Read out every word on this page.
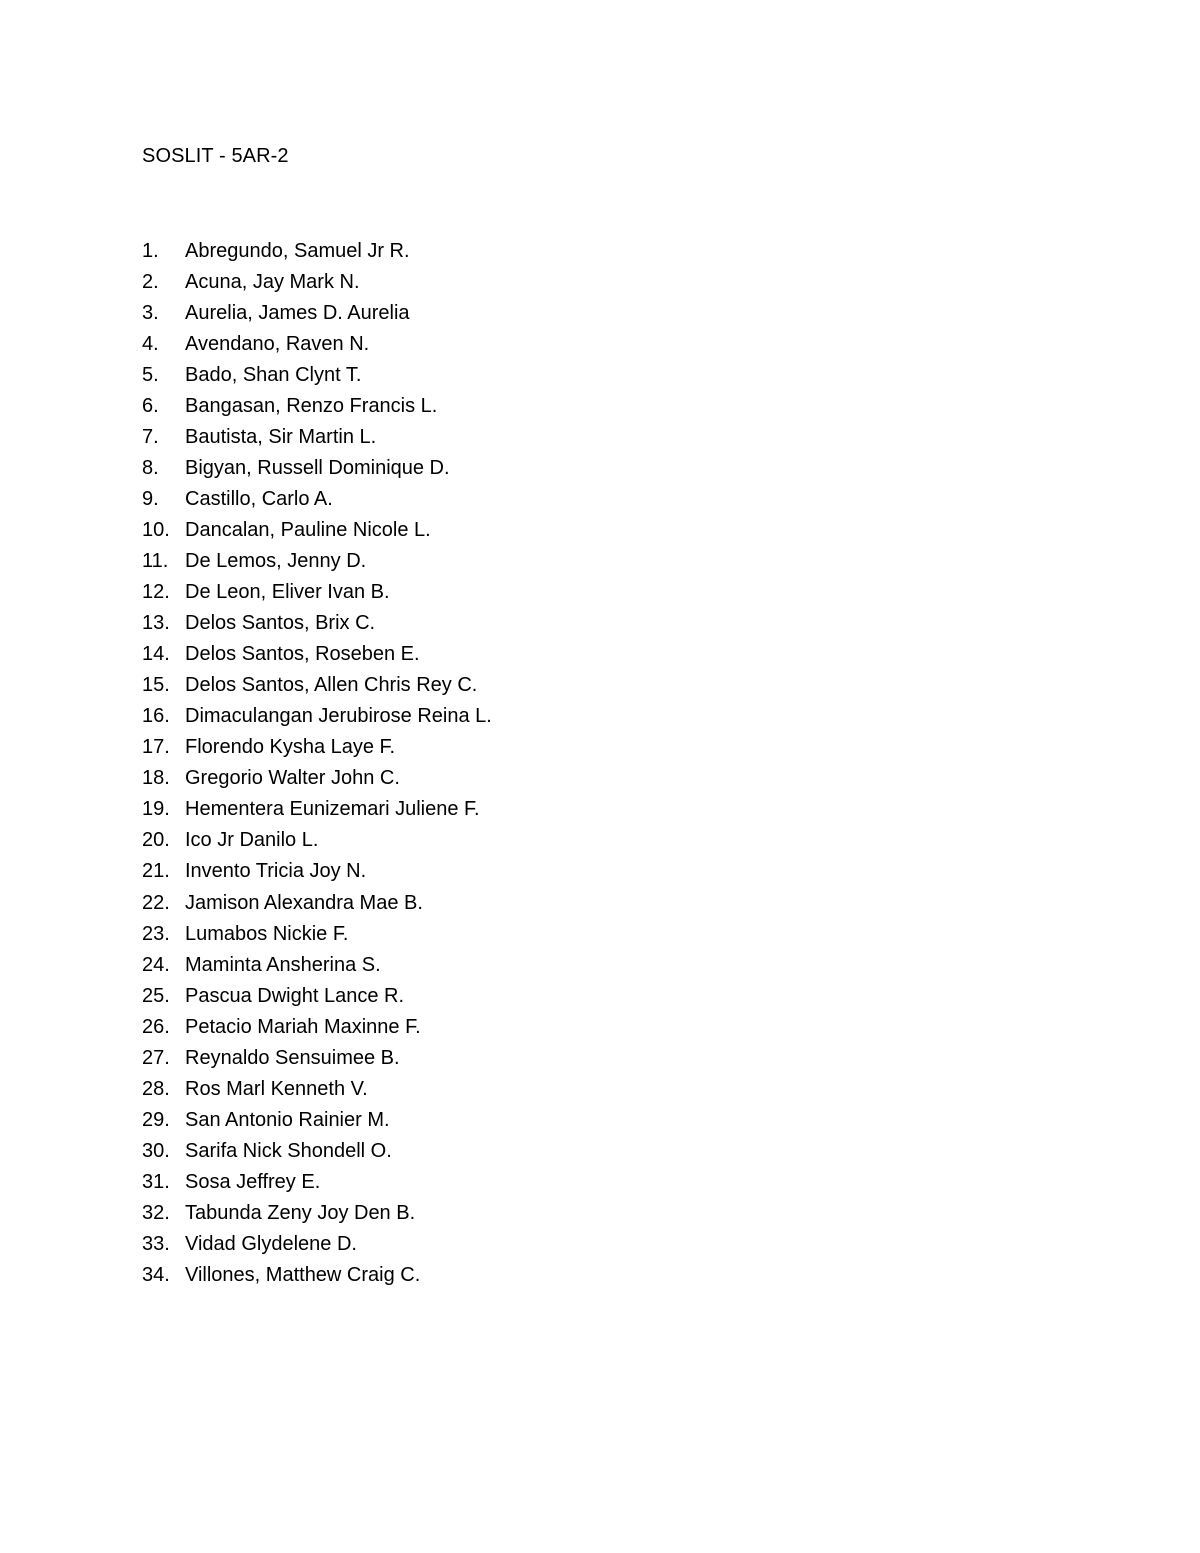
SOSLIT - 5AR-2
1.	Abregundo, Samuel Jr R.
2.	Acuna, Jay Mark N.
3.	Aurelia, James D. Aurelia
4.	Avendano, Raven N.
5.	Bado, Shan Clynt T.
6.	Bangasan, Renzo Francis L.
7.	Bautista, Sir Martin L.
8.	Bigyan, Russell Dominique D.
9.	Castillo, Carlo A.
10. Dancalan, Pauline Nicole L.
11. De Lemos, Jenny D.
12. De Leon, Eliver Ivan B.
13. Delos Santos, Brix C.
14. Delos Santos, Roseben E.
15. Delos Santos, Allen Chris Rey C.
16. Dimaculangan Jerubirose Reina L.
17. Florendo Kysha Laye F.
18. Gregorio Walter John C.
19. Hementera Eunizemari Juliene F.
20. Ico Jr Danilo L.
21. Invento Tricia Joy N.
22. Jamison Alexandra Mae B.
23. Lumabos Nickie F.
24. Maminta Ansherina S.
25. Pascua Dwight Lance R.
26. Petacio Mariah Maxinne F.
27. Reynaldo Sensuimee B.
28. Ros Marl Kenneth V.
29. San Antonio Rainier M.
30. Sarifa Nick Shondell O.
31. Sosa Jeffrey E.
32. Tabunda Zeny Joy Den B.
33. Vidad Glydelene D.
34. Villones, Matthew Craig C.
